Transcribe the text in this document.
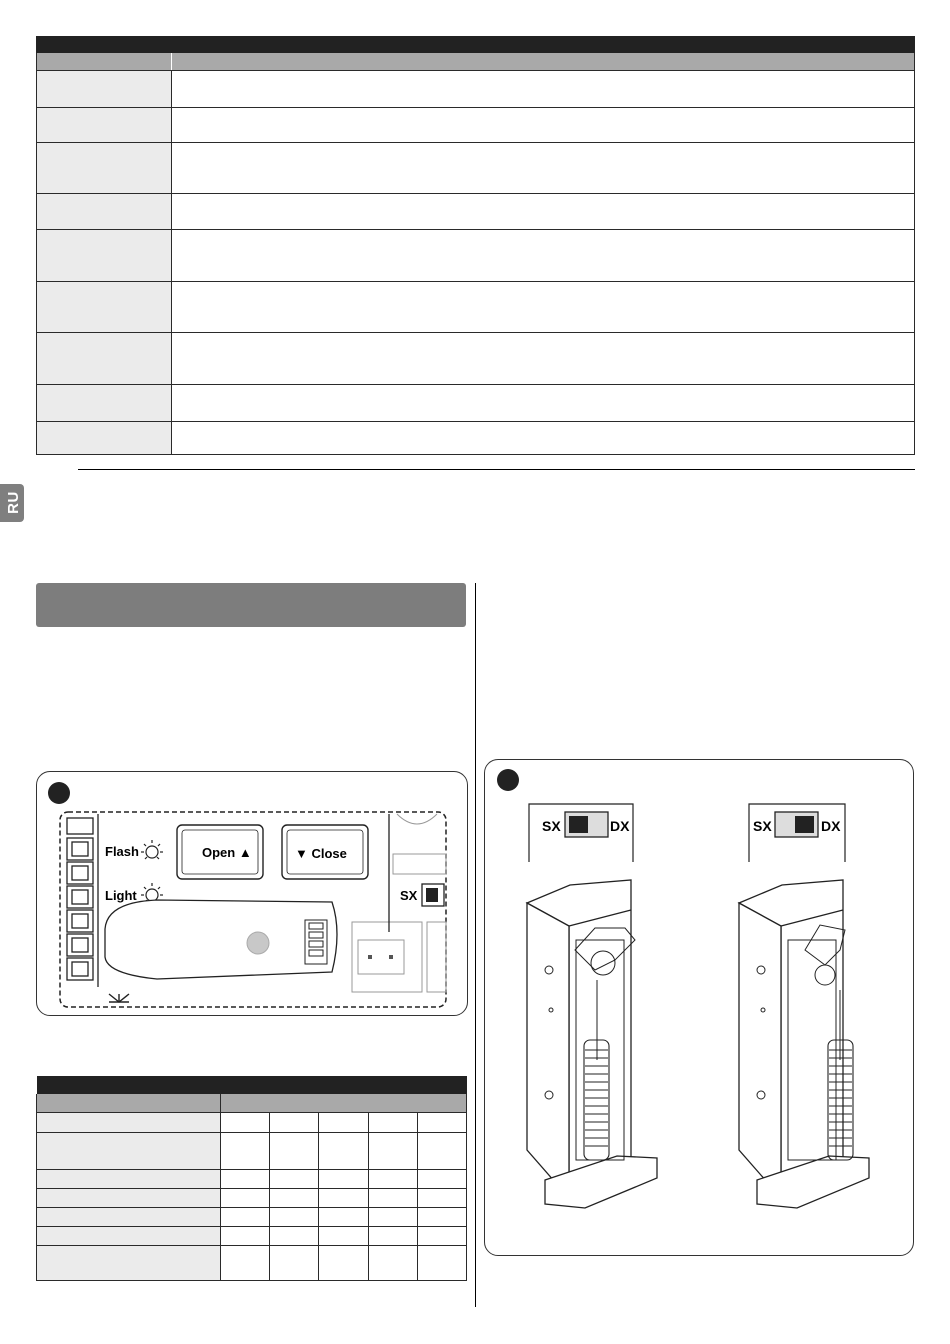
RU
Flash
Light
Open ▲	▼ Close
SX

SX	DX	SX	DX
